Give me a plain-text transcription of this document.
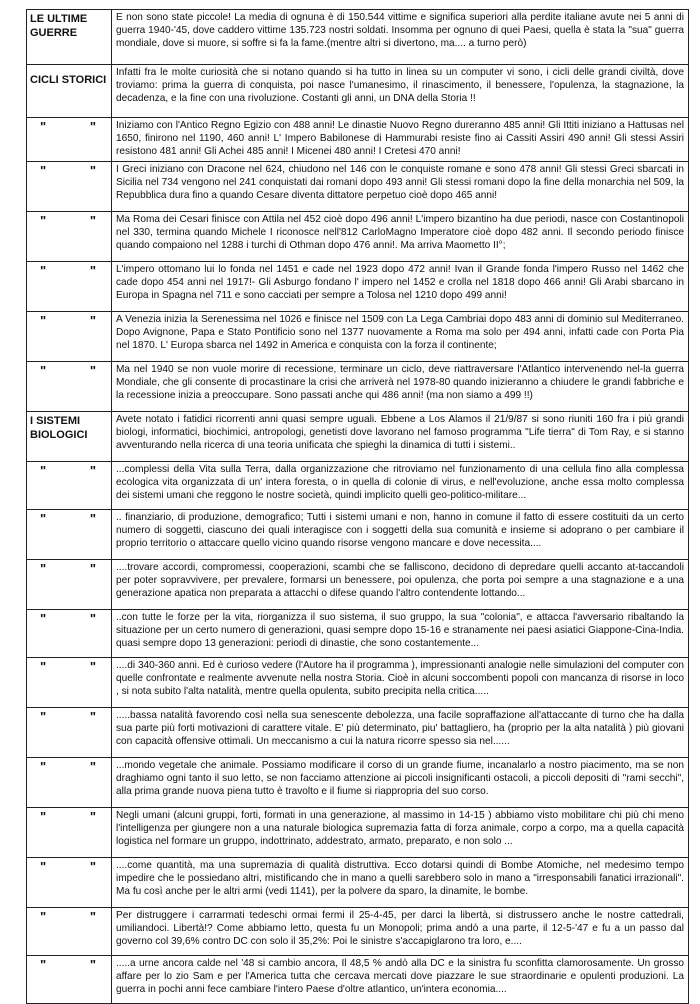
LE ULTIME GUERRE	E non sono state piccole! La media di ognuna è di 150.544 vittime e significa superiori alla perdite italiane avute nei 5 anni di guerra 1940-'45, dove caddero vittime 135.723 nostri soldati. Insomma per ognuno di quei Paesi, quella è stata la "sua" guerra mondiale, dove si muore, si soffre si fa la fame.(mentre altri si divertono, ma.... a turno però)

CICLI STORICI	Infatti fra le molte curiosità che si notano quando si ha tutto in linea su un computer vi sono, i cicli delle grandi civiltà, dove troviamo: prima la guerra di conquista, poi nasce l'umanesimo, il rinascimento, il benessere, l'opulenza, la stagnazione, la decadenza, e la fine con una rivoluzione. Costanti gli anni, un DNA della Storia !!

" "	Iniziamo con l'Antico Regno Egizio con 488 anni! Le dinastie Nuovo Regno dureranno 485 anni! Gli Ittiti iniziano a Hattusas nel 1650, finirono nel 1190, 460 anni! L' Impero Babilonese di Hammurabi resiste fino ai Cassiti Assiri 490 anni! Gli stessi Assiri resistono 481 anni! Gli Achei 485 anni! I Micenei 480 anni! I Cretesi 470 anni!

" "	I Greci iniziano con Dracone nel 624, chiudono nel 146 con le conquiste romane e sono 478 anni! Gli stessi Greci sbarcati in Sicilia nel 734 vengono nel 241 conquistati dai romani dopo 493 anni! Gli stessi romani dopo la fine della monarchia nel 509, la Repubblica dura fino a quando Cesare diventa dittatore perpetuo cioè dopo 465 anni!

" "	Ma Roma dei Cesari finisce con Attila nel 452 cioè dopo 496 anni! L'impero bizantino ha due periodi, nasce con Costantinopoli nel 330, termina quando Michele I riconosce nell'812 CarloMagno Imperatore cioè dopo 482 anni. Il secondo periodo finisce quando compaiono nel 1288 i turchi di Othman dopo 476 anni!. Ma arriva Maometto II°;

" "	L'impero ottomano lui lo fonda nel 1451 e cade nel 1923 dopo 472 anni! Ivan il Grande fonda l'impero Russo nel 1462 che cade dopo 454 anni nel 1917!- Gli Asburgo fondano l' impero nel 1452 e crolla nel 1818 dopo 466 anni! Gli Arabi sbarcano in Europa in Spagna nel 711 e sono cacciati per sempre a Tolosa nel 1210 dopo 499 anni!

" "	A Venezia inizia la Serenessima nel 1026 e finisce nel 1509 con La Lega Cambriai dopo 483 anni di dominio sul Mediterraneo. Dopo Avignone, Papa e Stato Pontificio sono nel 1377 nuovamente a Roma ma solo per 494 anni, infatti cade con Porta Pia nel 1870. L' Europa sbarca nel 1492 in America e conquista con la forza il continente;

" "	Ma nel 1940 se non vuole morire di recessione, terminare un ciclo, deve riattraversare l'Atlantico intervenendo nel-la guerra Mondiale, che gli consente di procastinare la crisi che arriverà nel 1978-80 quando inizieranno a chiudere le grandi fabbriche e la recessione inizia a preoccupare. Sono passati anche qui 486 anni! (ma non siamo a 499 !!)

I SISTEMI BIOLOGICI	Avete notato i fatidici ricorrenti anni quasi sempre uguali. Ebbene a Los Alamos il 21/9/87 si sono riuniti 160 fra i più grandi biologi, informatici, biochimici, antropologi, genetisti dove lavorano nel famoso programma "Life tierra" di Tom Ray, e si stanno avventurando nella ricerca di una teoria unificata che spieghi la dinamica di tutti i sistemi..

" "	...complessi della Vita sulla Terra, dalla organizzazione che ritroviamo nel funzionamento di una cellula fino alla complessa ecologica vita organizzata di un' intera foresta, o in quella di colonie di virus, e nell'evoluzione, anche essa molto complessa dei sistemi umani che reggono le nostre società, quindi implicito quelli geo-politico-militare...

" "	.. finanziario, di produzione, demografico; Tutti i sistemi umani e non, hanno in comune il fatto di essere costituiti da un certo numero di soggetti, ciascuno dei quali interagisce con i soggetti della sua comunità e insieme si adoprano o per cambiare il proprio territorio o attaccare quello vicino quando risorse vengono mancare e dove necessita....

" "	....trovare accordi, compromessi, cooperazioni, scambi che se falliscono, decidono di depredare quelli accanto at-taccandoli per poter sopravvivere, per prevalere, formarsi un benessere, poi opulenza, che porta poi sempre a una stagnazione e a una generazione apatica non preparata a attacchi o difese quando l'altro contendente lottando...

" "	..con tutte le forze per la vita, riorganizza il suo sistema, il suo gruppo, la sua "colonia", e attacca l'avversario ribaltando la situazione per un certo numero di generazioni, quasi sempre dopo 15-16 e stranamente nei paesi asiatici Giappone-Cina-India. quasi sempre dopo 13 generazioni: periodi di dinastie, che sono costantemente...

" "	....di 340-360 anni. Ed è curioso vedere (l'Autore ha il programma ), impressionanti analogie nelle simulazioni del computer con quelle confrontate e realmente avvenute nella nostra Storia. Cioè in alcuni soccombenti popoli con mancanza di risorse in loco , si nota subito l'alta natalità, mentre quella opulenta, subito precipita nella critica.....

" "	.....bassa natalità favorendo così nella sua senescente debolezza, una facile sopraffazione all'attaccante di turno che ha dalla sua parte più forti motivazioni di carattere vitale. E' più determinato, piu' battagliero, ha (proprio per la alta natalità ) più giovani con capacità offensive ottimali. Un meccanismo a cui la natura ricorre spesso sia nel......

" "	...mondo vegetale che animale. Possiamo modificare il corso di un grande fiume, incanalarlo a nostro piacimento, ma se non draghiamo ogni tanto il suo letto, se non facciamo attenzione ai piccoli insignificanti ostacoli, a piccoli depositi di "rami secchi", alla prima grande nuova piena tutto è travolto e il fiume si riappropria del suo corso.

" "	Negli umani (alcuni gruppi, forti, formati in una generazione, al massimo in 14-15 ) abbiamo visto mobilitare chi più chi meno l'intelligenza per giungere non a una naturale biologica supremazia fatta di forza animale, corpo a corpo, ma a quella capacità logistica nel formare un gruppo, indottrinato, addestrato, armato, preparato, e non solo ...

" "	....come quantità, ma una supremazia di qualità distruttiva. Ecco dotarsi quindi di Bombe Atomiche, nel medesimo tempo impedire che le possiedano altri, mistificando che in mano a quelli sarebbero solo in mano a "irresponsabili fanatici irrazionali". Ma fu così anche per le altri armi (vedi 1141), per la polvere da sparo, la dinamite, le bombe.

" "	Per distruggere i carrarmati tedeschi ormai fermi il 25-4-45, per darci la libertà, si distrussero anche le nostre cattedrali, umiliandoci. Libertà!? Come abbiamo letto, questa fu un Monopoli; prima andò a una parte, il 12-5-'47 e fu a un passo dal governo col 39,6% contro DC con solo il 35,2%: Poi le sinistre s'accapiglarono tra loro, e....

" "	.....a urne ancora calde nel '48 si cambio ancora, Il 48,5 % andò alla DC e la sinistra fu sconfitta clamorosamente. Un grosso affare per lo zio Sam e per l'America tutta che cercava mercati dove piazzare le sue straordinarie e opulenti produzioni. La guerra in pochi anni fece cambiare l'intero Paese d'oltre atlantico, un'intera economia....
